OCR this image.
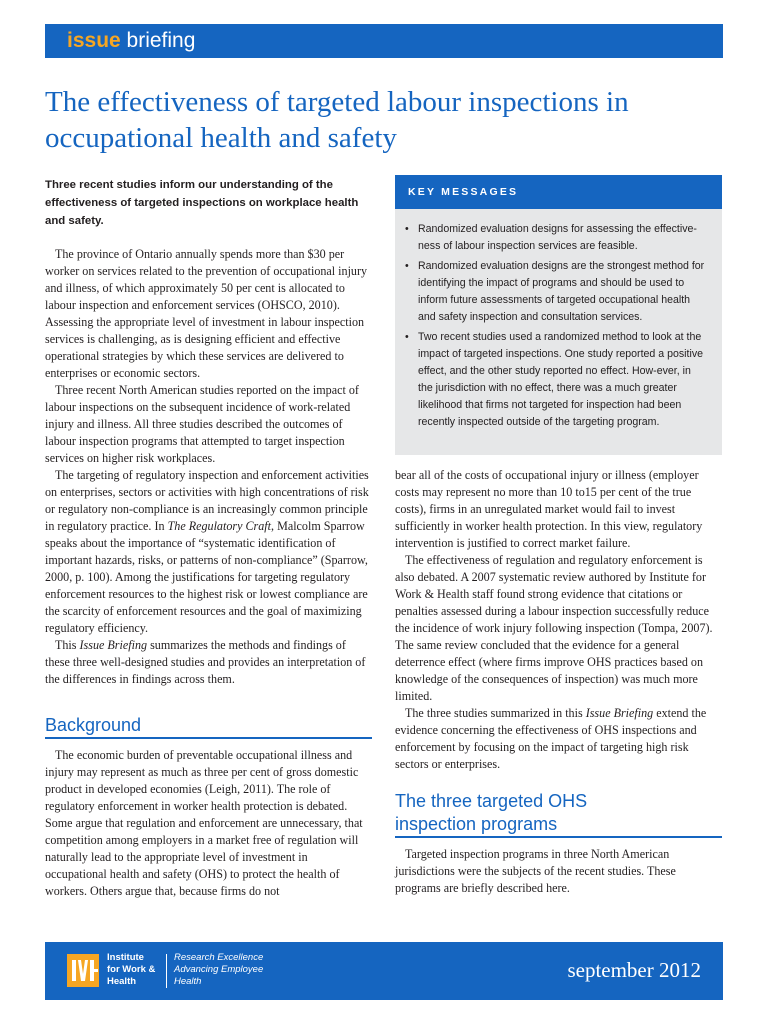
issue briefing
The effectiveness of targeted labour inspections in occupational health and safety
Three recent studies inform our understanding of the effectiveness of targeted inspections on workplace health and safety.

The province of Ontario annually spends more than $30 per worker on services related to the prevention of occupational injury and illness, of which approximately 50 per cent is allocated to labour inspection and enforcement services (OHSCO, 2010). Assessing the appropriate level of investment in labour inspection services is challenging, as is designing efficient and effective operational strategies by which these services are delivered to enterprises or economic sectors.

Three recent North American studies reported on the impact of labour inspections on the subsequent incidence of work-related injury and illness. All three studies described the outcomes of labour inspection programs that attempted to target inspection services on higher risk workplaces.

The targeting of regulatory inspection and enforcement activities on enterprises, sectors or activities with high concentrations of risk or regulatory non-compliance is an increasingly common principle in regulatory practice. In The Regulatory Craft, Malcolm Sparrow speaks about the importance of “systematic identification of important hazards, risks, or patterns of non-compliance” (Sparrow, 2000, p. 100). Among the justifications for targeting regulatory enforcement resources to the highest risk or lowest compliance are the scarcity of enforcement resources and the goal of maximizing regulatory efficiency.

This Issue Briefing summarizes the methods and findings of these three well-designed studies and provides an interpretation of the differences in findings across them.

Background

The economic burden of preventable occupational illness and injury may represent as much as three per cent of gross domestic product in developed economies (Leigh, 2011). The role of regulatory enforcement in worker health protection is debated. Some argue that regulation and enforcement are unnecessary, that competition among employers in a market free of regulation will naturally lead to the appropriate level of investment in occupational health and safety (OHS) to protect the health of workers. Others argue that, because firms do not

KEY MESSAGES
• Randomized evaluation designs for assessing the effective-ness of labour inspection services are feasible.
• Randomized evaluation designs are the strongest method for identifying the impact of programs and should be used to inform future assessments of targeted occupational health and safety inspection and consultation services.
• Two recent studies used a randomized method to look at the impact of targeted inspections. One study reported a positive effect, and the other study reported no effect. How-ever, in the jurisdiction with no effect, there was a much greater likelihood that firms not targeted for inspection had been recently inspected outside of the targeting program.

bear all of the costs of occupational injury or illness (employer costs may represent no more than 10 to15 per cent of the true costs), firms in an unregulated market would fail to invest sufficiently in worker health protection. In this view, regulatory intervention is justified to correct market failure.

The effectiveness of regulation and regulatory enforcement is also debated. A 2007 systematic review authored by Institute for Work & Health staff found strong evidence that citations or penalties assessed during a labour inspection successfully reduce the incidence of work injury following inspection (Tompa, 2007). The same review concluded that the evidence for a general deterrence effect (where firms improve OHS practices based on knowledge of the consequences of inspection) was much more limited.

The three studies summarized in this Issue Briefing extend the evidence concerning the effectiveness of OHS inspections and enforcement by focusing on the impact of targeting high risk sectors or enterprises.

The three targeted OHS
inspection programs

Targeted inspection programs in three North American jurisdictions were the subjects of the recent studies. These programs are briefly described here.

Institute
for Work &
Health
Research Excellence
Advancing Employee
Health	september 2012
